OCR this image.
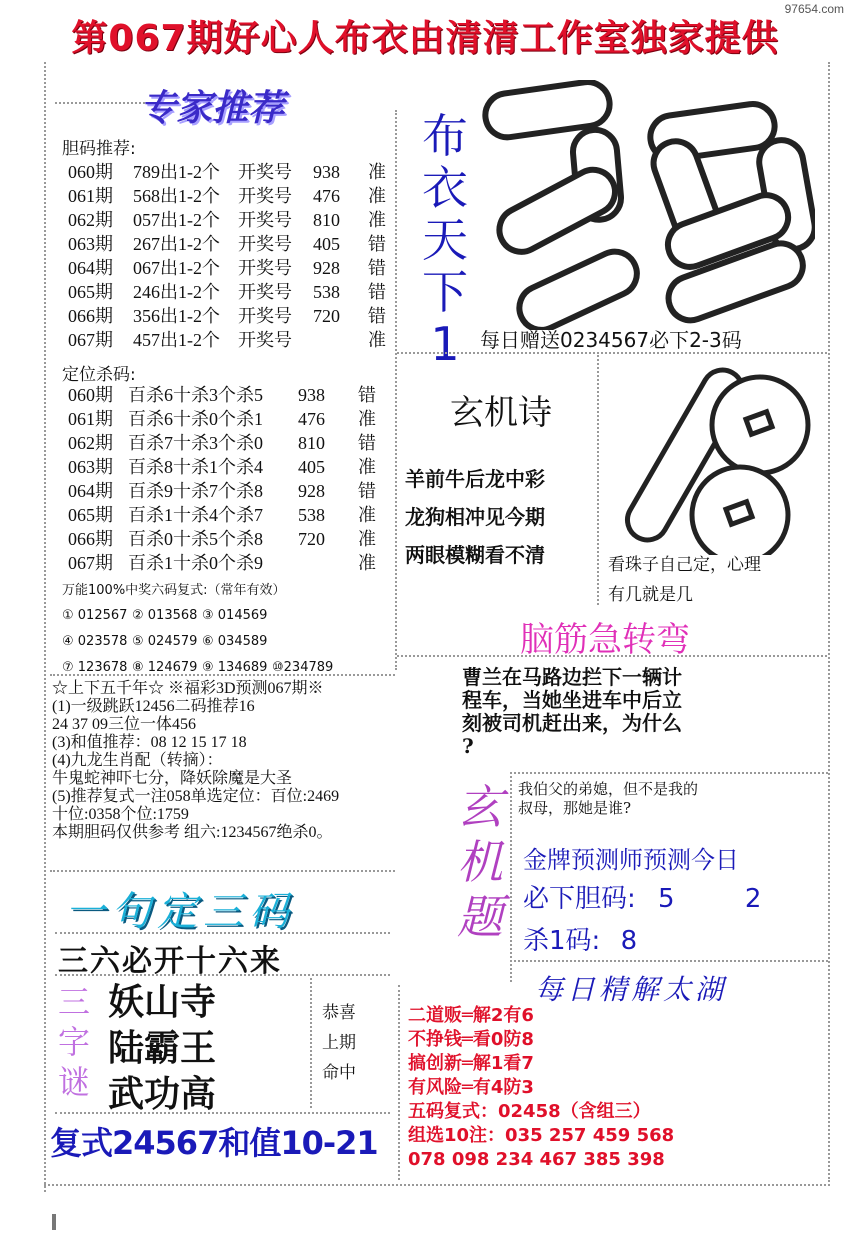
97654.com
第067期好心人布衣由清清工作室独家提供
专家推荐
胆码推荐:
060期 789出1-2个 开奖号 938 准
061期 568出1-2个 开奖号 476 准
062期 057出1-2个 开奖号 810 准
063期 267出1-2个 开奖号 405 错
064期 067出1-2个 开奖号 928 错
065期 246出1-2个 开奖号 538 错
066期 356出1-2个 开奖号 720 错
067期 457出1-2个 开奖号	准
定位杀码:
060期 百杀6十杀3个杀5 938 错
061期 百杀6十杀0个杀1 476 准
062期 百杀7十杀3个杀0 810 错
063期 百杀8十杀1个杀4 405 准
064期 百杀9十杀7个杀8 928 错
065期 百杀1十杀4个杀7 538 准
066期 百杀0十杀5个杀8 720 准
067期 百杀1十杀0个杀9	准
万能100%中奖六码复式:（常年有效）
① 012567 ② 013568 ③ 014569
④ 023578 ⑤ 024579 ⑥ 034589
⑦ 123678 ⑧ 124679 ⑨ 134689 ⑩234789
☆上下五千年☆ ※福彩3D预测067期※
(1)一级跳跃12456二码推荐16
24 37 09三位一体456
(3)和值推荐：08 12 15 17 18
(4)九龙生肖配（转摘）：
牛鬼蛇神吓七分，降妖除魔是大圣
(5)推荐复式一注058单选定位：百位:2469
十位:0358个位:1759
本期胆码仅供参考 组六:1234567绝杀0。
布
衣
天
下
1	每日赠送0234567必下2-3码
玄机诗
羊前牛后龙中彩
龙狗相冲见今期
两眼模糊看不清	看珠子自己定，心理
有几就是几
脑筋急转弯
曹兰在马路边拦下一辆计
程车，当她坐进车中后立
刻被司机赶出来，为什么
?
玄
机
题
我伯父的弟媳，但不是我的
叔母，那她是谁?
金牌预测师预测今日
必下胆码: 5	2
杀1码: 8
每日精解太湖
二道贩═解2有6
不挣钱═看0防8
搞创新═解1看7
有风险═有4防3
五码复式：02458（含组三）
组选10注：035 257 459 568
078 098 234 467 385 398
一句定三码
三六必开十六来
三
字
谜
妖山寺
陆霸王
武功高
恭喜
上期
命中
复式24567和值10-21
